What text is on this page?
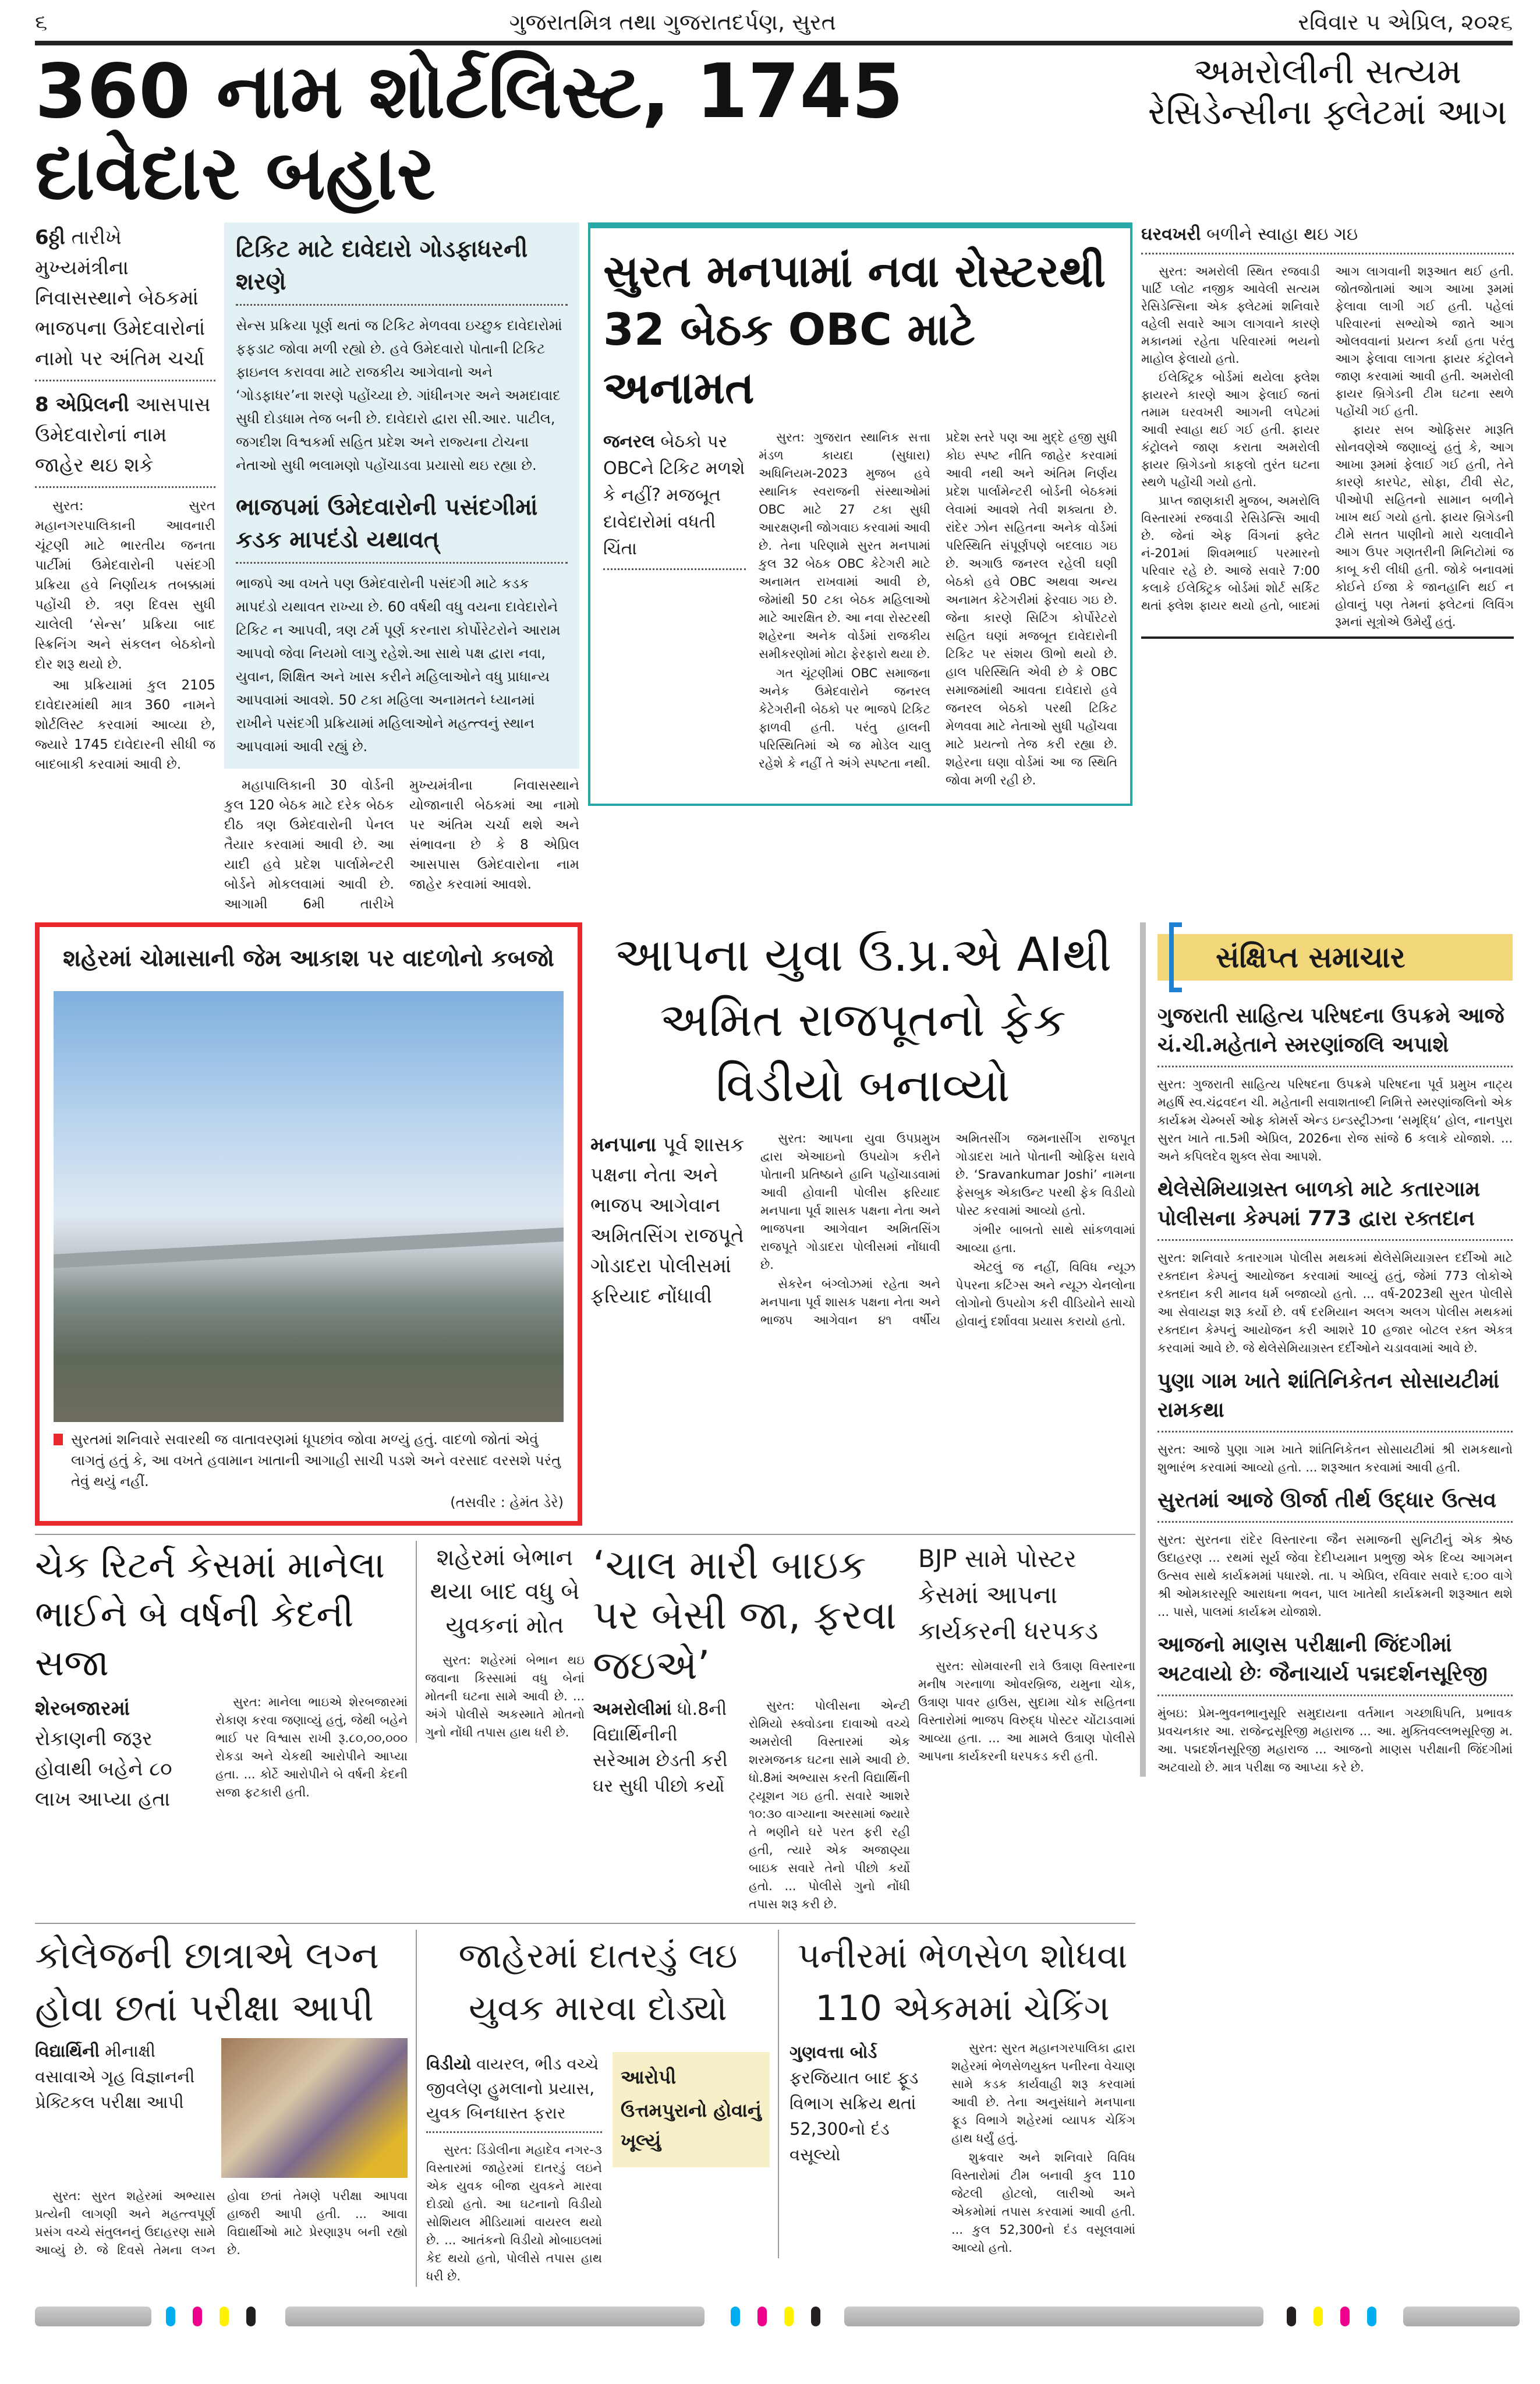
૬	ગુજરાતમિત્ર તથા ગુજરાતદર્પણ, સુરત	રવિવાર ૫ એપ્રિલ, ૨૦૨૬
360 નામ શોર્ટલિસ્ટ, 1745 દાવેદાર બહાર
અમરોલીની સત્યમ રેસિડેન્સીના ફ્લેટમાં આગ
6ઠ્ઠી તારીખે મુખ્યમંત્રીના નિવાસસ્થાને બેઠકમાં ભાજપના ઉમેદવારોનાં નામો પર અંતિમ ચર્ચા
8 એપ્રિલની આસપાસ ઉમેદવારોનાં નામ જાહેર થઇ શકે

સુરત: સુરત મહાનગરપાલિકાની આવનારી ચૂંટણી માટે ભારતીય જનતા પાર્ટીમાં ઉમેદવારોની પસંદગી પ્રક્રિયા હવે નિર્ણાયક તબક્કામાં પહોંચી છે. ત્રણ દિવસ સુધી ચાલેલી ‘સેન્સ’ પ્રક્રિયા બાદ સ્ક્રિનિંગ અને સંકલન બેઠકોનો દોર શરૂ થયો છે.

આ પ્રક્રિયામાં કુલ 2105 દાવેદારમાંથી માત્ર 360 નામને શોર્ટલિસ્ટ કરવામાં આવ્યા છે, જ્યારે 1745 દાવેદારની સીધી જ બાદબાકી કરવામાં આવી છે.

ટિકિટ માટે દાવેદારો ગોડફાધરની શરણે
સેન્સ પ્રક્રિયા પૂર્ણ થતાં જ ટિકિટ મેળવવા ઇચ્છુક દાવેદારોમાં ફફડાટ જોવા મળી રહ્યો છે. હવે ઉમેદવારો પોતાની ટિકિટ ફાઇનલ કરાવવા માટે રાજકીય આગેવાનો અને ‘ગોડફાધર’ના શરણે પહોંચ્યા છે. ગાંધીનગર અને અમદાવાદ સુધી દોડધામ તેજ બની છે. દાવેદારો દ્વારા સી.આર. પાટીલ, જગદીશ વિશ્વકર્મા સહિત પ્રદેશ અને રાજ્યના ટોચના નેતાઓ સુધી ભલામણો પહોંચાડવા પ્રયાસો થઇ રહ્યા છે.
ભાજપમાં ઉમેદવારોની પસંદગીમાં કડક માપદંડો યથાવત્
ભાજપે આ વખતે પણ ઉમેદવારોની પસંદગી માટે કડક માપદંડો યથાવત રાખ્યા છે. 60 વર્ષથી વધુ વયના દાવેદારોને ટિકિટ ન આપવી, ત્રણ ટર્મ પૂર્ણ કરનારા કોર્પોરેટરોને આરામ આપવો જેવા નિયમો લાગુ રહેશે.આ સાથે પક્ષ દ્વારા નવા, યુવાન, શિક્ષિત અને ખાસ કરીને મહિલાઓને વધુ પ્રાધાન્ય આપવામાં આવશે. 50 ટકા મહિલા અનામતને ધ્યાનમાં રાખીને પસંદગી પ્રક્રિયામાં મહિલાઓને મહત્ત્વનું સ્થાન આપવામાં આવી રહ્યું છે.

મહાપાલિકાની 30 વોર્ડની કુલ 120 બેઠક માટે દરેક બેઠક દીઠ ત્રણ ઉમેદવારોની પેનલ તૈયાર કરવામાં આવી છે. આ યાદી હવે પ્રદેશ પાર્લામેન્ટરી બોર્ડને મોકલવામાં આવી છે. આગામી 6મી તારીખે મુખ્યમંત્રીના નિવાસસ્થાને યોજાનારી બેઠકમાં આ નામો પર અંતિમ ચર્ચા થશે અને સંભાવના છે કે 8 એપ્રિલ આસપાસ ઉમેદવારોના નામ જાહેર કરવામાં આવશે.

સુરત મનપામાં નવા રોસ્ટરથી 32 બેઠક OBC માટે અનામત
જનરલ બેઠકો પર OBCને ટિકિટ મળશે કે નહીં? મજબૂત દાવેદારોમાં વધતી ચિંતા

સુરત: ગુજરાત સ્થાનિક સત્તા મંડળ કાયદા (સુધારા) અધિનિયમ-2023 મુજબ હવે સ્થાનિક સ્વરાજની સંસ્થાઓમાં OBC માટે 27 ટકા સુધી આરક્ષણની જોગવાઇ કરવામાં આવી છે. તેના પરિણામે સુરત મનપામાં કુલ 32 બેઠક OBC કેટેગરી માટે અનામત રાખવામાં આવી છે, જેમાંથી 50 ટકા બેઠક મહિલાઓ માટે આરક્ષિત છે. આ નવા રોસ્ટરથી શહેરના અનેક વોર્ડમાં રાજકીય સમીકરણોમાં મોટા ફેરફારો થયા છે.

ગત ચૂંટણીમાં OBC સમાજના અનેક ઉમેદવારોને જનરલ કેટેગરીની બેઠકો પર ભાજપે ટિકિટ ફાળવી હતી. પરંતુ હાલની પરિસ્થિતિમાં એ જ મોડેલ ચાલુ રહેશે કે નહીં તે અંગે સ્પષ્ટતા નથી. પ્રદેશ સ્તરે પણ આ મુદ્દે હજી સુધી કોઇ સ્પષ્ટ નીતિ જાહેર કરવામાં આવી નથી અને અંતિમ નિર્ણય પ્રદેશ પાર્લામેન્ટરી બોર્ડની બેઠકમાં લેવામાં આવશે તેવી શક્યતા છે. રાંદેર ઝોન સહિતના અનેક વોર્ડમાં પરિસ્થિતિ સંપૂર્ણપણે બદલાઇ ગઇ છે. અગાઉ જનરલ રહેલી ઘણી બેઠકો હવે OBC અથવા અન્ય અનામત કેટેગરીમાં ફેરવાઇ ગઇ છે. જેના કારણે સિટિંગ કોર્પોરેટરો સહિત ઘણાં મજબૂત દાવેદારોની ટિકિટ પર સંશય ઊભો થયો છે. હાલ પરિસ્થિતિ એવી છે કે OBC સમાજમાંથી આવતા દાવેદારો હવે જનરલ બેઠકો પરથી ટિકિટ મેળવવા માટે નેતાઓ સુધી પહોંચવા માટે પ્રયત્નો તેજ કરી રહ્યા છે. શહેરના ઘણા વોર્ડમાં આ જ સ્થિતિ જોવા મળી રહી છે.

ઘરવખરી બળીને સ્વાહા થઇ ગઇ

સુરત: અમરોલી સ્થિત રજવાડી પાર્ટિ પ્લોટ નજીક આવેલી સત્યમ રેસિડેન્સિના એક ફ્લેટમાં શનિવારે વહેલી સવારે આગ લાગવાને કારણે મકાનમાં રહેતા પરિવારમાં ભયનો માહોલ ફેલાયો હતો.

ઈલેક્ટ્રિક બોર્ડમાં થયેલા ફ્લેશ ફાયરને કારણે આગ ફેલાઈ જતાં તમામ ઘરવખરી આગની લપેટમાં આવી સ્વાહા થઈ ગઈ હતી. ફાયર કંટ્રોલને જાણ કરાતા અમરોલી ફાયર બ્રિગેડનો કાફલો તુરંત ઘટના સ્થળે પહોંચી ગયો હતો.

પ્રાપ્ત જાણકારી મુજબ, અમરોલિ વિસ્તારમાં રજવાડી રેસિડેન્સિ આવી છે. જેનાં એફ વિંગનાં ફ્લેટ નં-201માં શિવમભાઈ પરમારનો પરિવાર રહે છે. આજે સવારે 7:00 કલાકે ઈલેક્ટ્રિક બોર્ડમાં શોર્ટ સર્કિટ થતાં ફ્લેશ ફાયર થયો હતો, બાદમાં આગ લાગવાની શરૂઆત થઈ હતી. જોતજોતામાં આગ આખા રૂમમાં ફેલાવા લાગી ગઈ હતી. પહેલાં પરિવારનાં સભ્યોએ જાતે આગ ઓલવવાનાં પ્રયત્ન કર્યા હતા પરંતુ આગ ફેલાવા લાગતા ફાયર કંટ્રોલને જાણ કરવામાં આવી હતી. અમરોલી ફાયર બ્રિગેડની ટીમ ઘટના સ્થળે પહોંચી ગઈ હતી.

ફાયર સબ ઓફિસર મારૂતિ સોનવણેએ જણાવ્યું હતું કે, આગ આખા રૂમમાં ફેલાઈ ગઈ હતી, તેને કારણે કારપેટ, સોફા, ટીવી સેટ, પીઓપી સહિતનો સામાન બળીને ખાખ થઈ ગયો હતો. ફાયર બ્રિગેડની ટીમે સતત પાણીનો મારો ચલાવીને આગ ઉપર ગણતરીની મિનિટોમાં જ કાબૂ કરી લીધી હતી. જોકે બનાવમાં કોઈને ઈજા કે જાનહાનિ થઈ ન હોવાનું પણ તેમનાં ફ્લેટનાં લિવિંગ રૂમનાં સૂત્રોએ ઉમેર્યું હતું.

શહેરમાં ચોમાસાની જેમ આકાશ પર વાદળોનો કબજો
સુરતમાં શનિવારે સવારથી જ વાતાવરણમાં ધૂપછાંવ જોવા મળ્યું હતું. વાદળો જોતાં એવું લાગતું હતું કે, આ વખતે હવામાન ખાતાની આગાહી સાચી પડશે અને વરસાદ વરસશે પરંતુ તેવું થયું નહીં.
(તસવીર : હેમંત ડેરે)
આપના યુવા ઉ.પ્ર.એ AIથી અમિત રાજપૂતનો ફેક વિડીયો બનાવ્યો
મનપાના પૂર્વ શાસક પક્ષના નેતા અને ભાજપ આગેવાન અમિતસિંગ રાજપૂતે ગોડાદરા પોલીસમાં ફરિયાદ નોંધાવી

સુરત: આપના યુવા ઉપપ્રમુખ દ્વારા એઆઇનો ઉપયોગ કરીને પોતાની પ્રતિષ્ઠાને હાનિ પહોંચાડવામાં આવી હોવાની પોલીસ ફરિયાદ મનપાના પૂર્વ શાસક પક્ષના નેતા અને ભાજપના આગેવાન અમિતસિંગ રાજપૂતે ગોડાદરા પોલીસમાં નોંધાવી છે.

સેકરેન બંગ્લોઝમાં રહેતા અને મનપાના પૂર્વ શાસક પક્ષના નેતા અને ભાજપ આગેવાન ૪૧ વર્ષીય અમિતસીંગ જમનાસીંગ રાજપૂત ગોડાદરા ખાતે પોતાની ઓફિસ ધરાવે છે. ‘Sravankumar Joshi’ નામના ફેસબુક એકાઉન્ટ પરથી ફેક વિડીયો પોસ્ટ કરવામાં આવ્યો હતો.

ગંભીર બાબતો સાથે સાંકળવામાં આવ્યા હતા.

એટલું જ નહીં, વિવિધ ન્યૂઝ પેપરના કટિંગ્સ અને ન્યૂઝ ચેનલોના લોગોનો ઉપયોગ કરી વીડિયોને સાચો હોવાનું દર્શાવવા પ્રયાસ કરાયો હતો.

ચેક રિટર્ન કેસમાં માનેલા ભાઈને બે વર્ષની કેદની સજા
શેરબજારમાં રોકાણની જરૂર હોવાથી બહેને ૮૦ લાખ આપ્યા હતા

સુરત: માનેલા ભાઇએ શેરબજારમાં રોકાણ કરવા જણાવ્યું હતું, જેથી બહેને ભાઈ પર વિશ્વાસ રાખી રૂ.૮૦,૦૦,૦૦૦ રોકડા અને ચેકથી આરોપીને આપ્યા હતા. ... કોર્ટે આરોપીને બે વર્ષની કેદની સજા ફટકારી હતી.

શહેરમાં બેભાન થયા બાદ વધુ બે યુવકનાં મોત

સુરત: શહેરમાં બેભાન થઇ જવાના કિસ્સામાં વધુ બેનાં મોતની ઘટના સામે આવી છે. ... અંગે પોલીસે અકસ્માતે મોતનો ગુનો નોંધી તપાસ હાથ ધરી છે.

‘ચાલ મારી બાઇક પર બેસી જા, ફરવા જઇએ’
અમરોલીમાં ધો.8ની વિદ્યાર્થિનીની સરેઆમ છેડતી કરી ઘર સુધી પીછો કર્યો

સુરત: પોલીસના એન્ટી રોમિયો સ્ક્વોડના દાવાઓ વચ્ચે અમરોલી વિસ્તારમાં એક શરમજનક ઘટના સામે આવી છે. ધો.8માં અભ્યાસ કરતી વિદ્યાર્થિની ટ્યૂશન ગઇ હતી. સવારે આશરે ૧૦:૩૦ વાગ્યાના અરસામાં જ્યારે તે ભણીને ઘરે પરત ફરી રહી હતી, ત્યારે એક અજાણ્યા બાઇક સવારે તેનો પીછો કર્યો હતો. ... પોલીસે ગુનો નોંધી તપાસ શરૂ કરી છે.

BJP સામે પોસ્ટર કેસમાં આપના કાર્યકરની ધરપકડ

સુરત: સોમવારની રાત્રે ઉત્રાણ વિસ્તારના મનીષ ગરનાળા ઓવરબ્રિજ, યમુના ચોક, ઉત્રાણ પાવર હાઉસ, સુદામા ચોક સહિતના વિસ્તારોમાં ભાજપ વિરુદ્ધ પોસ્ટર ચોંટાડવામાં આવ્યા હતા. ... આ મામલે ઉત્રાણ પોલીસે આપના કાર્યકરની ધરપકડ કરી હતી.

કોલેજની છાત્રાએ લગ્ન હોવા છતાં પરીક્ષા આપી
વિદ્યાર્થિની મીનાક્ષી વસાવાએ ગૃહ વિજ્ઞાનની પ્રેક્ટિકલ પરીક્ષા આપી

સુરત: સુરત શહેરમાં અભ્યાસ પ્રત્યેની લાગણી અને મહત્ત્વપૂર્ણ પ્રસંગ વચ્ચે સંતુલનનું ઉદાહરણ સામે આવ્યું છે. જે દિવસે તેમના લગ્ન હોવા છતાં તેમણે પરીક્ષા આપવા હાજરી આપી હતી. ... આવા વિદ્યાર્થીઓ માટે પ્રેરણારૂપ બની રહ્યો છે.

જાહેરમાં દાતરડું લઇ યુવક મારવા દોડ્યો
વિડીયો વાયરલ, ભીડ વચ્ચે જીવલેણ હુમલાનો પ્રયાસ, યુવક બિનધાસ્ત ફરાર

સુરત: ડિંડોલીના મહાદેવ નગર-૩ વિસ્તારમાં જાહેરમાં દાતરડું લઇને એક યુવક બીજા યુવકને મારવા દોડ્યો હતો. આ ઘટનાનો વિડીયો સોશિયલ મીડિયામાં વાયરલ થયો છે. ... આતંકનો વિડીયો મોબાઇલમાં કેદ થયો હતો, પોલીસે તપાસ હાથ ધરી છે.

આરોપી
ઉત્તમપુરાનો હોવાનું ખૂલ્યું
પનીરમાં ભેળસેળ શોધવા 110 એકમમાં ચેકિંગ
ગુણવત્તા બોર્ડ ફરજિયાત બાદ ફૂડ વિભાગ સક્રિય થતાં 52,300નો દંડ વસૂલ્યો

સુરત: સુરત મહાનગરપાલિકા દ્વારા શહેરમાં ભેળસેળયુક્ત પનીરના વેચાણ સામે કડક કાર્યવાહી શરૂ કરવામાં આવી છે. તેના અનુસંધાને મનપાના ફૂડ વિભાગે શહેરમાં વ્યાપક ચેકિંગ હાથ ધર્યું હતું.

શુક્રવાર અને શનિવારે વિવિધ વિસ્તારોમાં ટીમ બનાવી કુલ 110 જેટલી હોટલો, લારીઓ અને એકમોમાં તપાસ કરવામાં આવી હતી. ... કુલ 52,300નો દંડ વસૂલવામાં આવ્યો હતો.

સંક્ષિપ્ત સમાચાર
ગુજરાતી સાહિત્ય પરિષદના ઉપક્રમે આજે ચં.ચી.મહેતાને સ્મરણાંજલિ અપાશે
સુરત: ગુજરાતી સાહિત્ય પરિષદના ઉપક્રમે પરિષદના પૂર્વ પ્રમુખ નાટ્ય મહર્ષિ સ્વ.ચંદ્રવદન ચી. મહેતાની સવાશતાબ્દી નિમિત્તે સ્મરણાંજલિનો એક કાર્યક્રમ ચેમ્બર્સ ઓફ કોમર્સ એન્ડ ઇન્ડસ્ટ્રીઝના ‘સમૃદ્ધિ’ હોલ, નાનપુરા સુરત ખાતે તા.5મી એપ્રિલ, 2026ના રોજ સાંજે 6 કલાકે યોજાશે. ... અને કપિલદેવ શુક્લ સેવા આપશે.
થેલેસેમિયાગ્રસ્ત બાળકો માટે કતારગામ પોલીસના કેમ્પમાં 773 દ્વારા રક્તદાન
સુરત: શનિવારે કતારગામ પોલીસ મથકમાં થેલેસેમિયાગ્રસ્ત દર્દીઓ માટે રક્તદાન કેમ્પનું આયોજન કરવામાં આવ્યું હતું, જેમાં 773 લોકોએ રક્તદાન કરી માનવ ધર્મ બજાવ્યો હતો. ... વર્ષ-2023થી સુરત પોલીસે આ સેવાયજ્ઞ શરૂ કર્યો છે. વર્ષ દરમિયાન અલગ અલગ પોલીસ મથકમાં રક્તદાન કેમ્પનું આયોજન કરી આશરે 10 હજાર બોટલ રક્ત એકત્ર કરવામાં આવે છે. જે થેલેસેમિયાગ્રસ્ત દર્દીઓને ચડાવવામાં આવે છે.
પુણા ગામ ખાતે શાંતિનિકેતન સોસાયટીમાં રામકથા
સુરત: આજે પુણા ગામ ખાતે શાંતિનિકેતન સોસાયટીમાં શ્રી રામકથાનો શુભારંભ કરવામાં આવ્યો હતો. ... શરૂઆત કરવામાં આવી હતી.
સુરતમાં આજે ઊર્જા તીર્થ ઉદ્ધાર ઉત્સવ
સુરત: સુરતના રાંદેર વિસ્તારના જૈન સમાજની સુનિટીનું એક શ્રેષ્ઠ ઉદાહરણ ... રથમાં સૂર્ય જેવા દેદીપ્યમાન પ્રભુજી એક દિવ્ય આગમન ઉત્સવ સાથે કાર્યક્રમમાં પધારશે. તા. ૫ એપ્રિલ, રવિવાર સવારે ૬:૦૦ વાગે શ્રી ઓમકારસૂરિ આરાધના ભવન, પાલ ખાતેથી કાર્યક્રમની શરૂઆત થશે ... પાસે, પાલમાં કાર્યક્રમ યોજાશે.
આજનો માણસ પરીક્ષાની જિંદગીમાં અટવાયો છેઃ જૈનાચાર્ય પદ્મદર્શનસૂરિજી
મુંબઇ: પ્રેમ-ભુવનભાનુસૂરિ સમુદાયના વર્તમાન ગચ્છાધિપતિ, પ્રભાવક પ્રવચનકાર આ. રાજેન્દ્રસૂરિજી મહારાજ ... આ. મુક્તિવલ્લભસૂરિજી મ. આ. પદ્મદર્શનસૂરિજી મહારાજ ... આજનો માણસ પરીક્ષાની જિંદગીમાં અટવાયો છે. માત્ર પરીક્ષા જ આપ્યા કરે છે.
